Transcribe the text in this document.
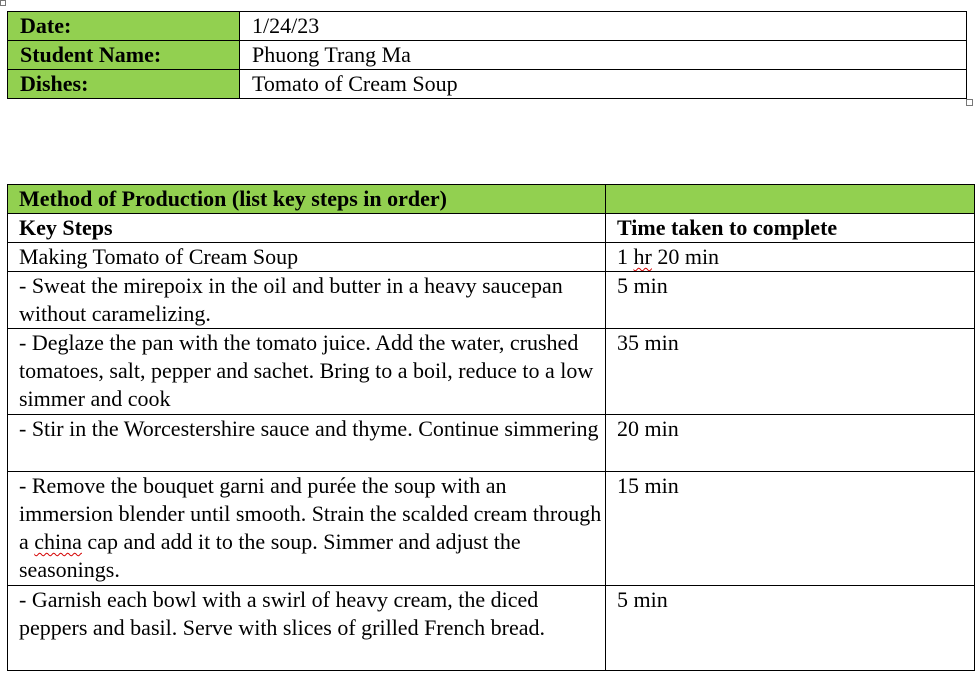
Date:	1/24/23
Student Name:	Phuong Trang Ma
Dishes:	Tomato of Cream Soup
Method of Production (list key steps in order)	
Key Steps	Time taken to complete
Making Tomato of Cream Soup	1 hr 20 min
- Sweat the mirepoix in the oil and butter in a heavy saucepan without caramelizing.	5 min
- Deglaze the pan with the tomato juice. Add the water, crushed tomatoes, salt, pepper and sachet. Bring to a boil, reduce to a low simmer and cook	35 min
- Stir in the Worcestershire sauce and thyme. Continue simmering	20 min
- Remove the bouquet garni and purée the soup with an immersion blender until smooth. Strain the scalded cream through a china cap and add it to the soup. Simmer and adjust the seasonings.	15 min
- Garnish each bowl with a swirl of heavy cream, the diced peppers and basil. Serve with slices of grilled French bread.	5 min
